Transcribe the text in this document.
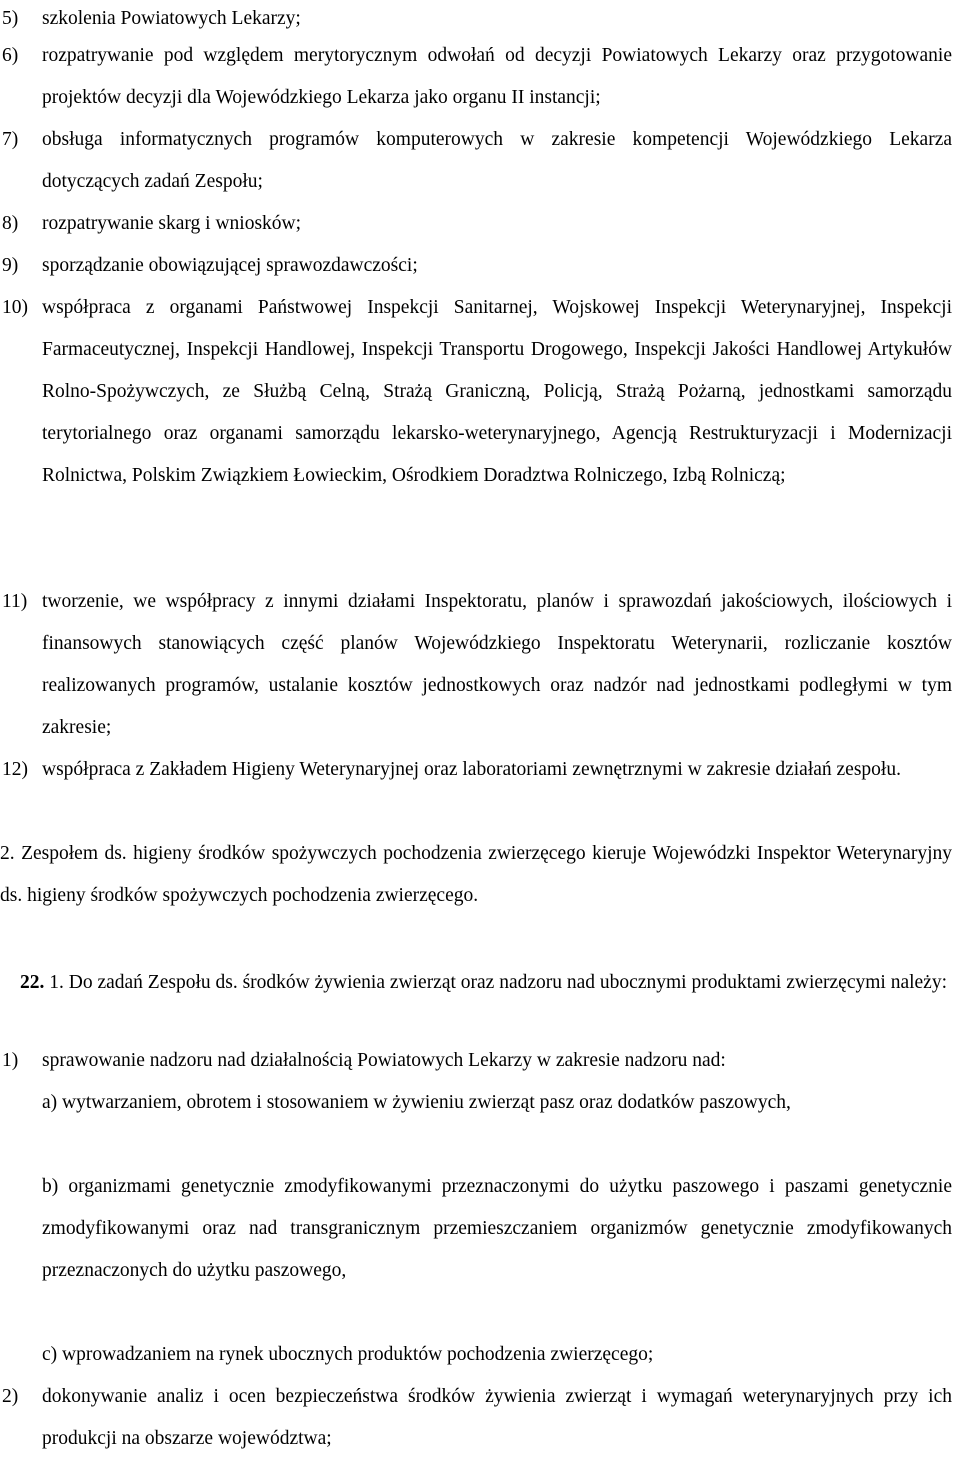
5) szkolenia Powiatowych Lekarzy;

6) rozpatrywanie pod względem merytorycznym odwołań od decyzji Powiatowych Lekarzy oraz przygotowanie projektów decyzji dla Wojewódzkiego Lekarza jako organu II instancji;

7) obsługa informatycznych programów komputerowych w zakresie kompetencji Wojewódzkiego Lekarza dotyczących zadań Zespołu;

8) rozpatrywanie skarg i wniosków;

9) sporządzanie obowiązującej sprawozdawczości;

10) współpraca z organami Państwowej Inspekcji Sanitarnej, Wojskowej Inspekcji Weterynaryjnej, Inspekcji Farmaceutycznej, Inspekcji Handlowej, Inspekcji Transportu Drogowego, Inspekcji Jakości Handlowej Artykułów Rolno-Spożywczych, ze Służbą Celną, Strażą Graniczną, Policją, Strażą Pożarną, jednostkami samorządu terytorialnego oraz organami samorządu lekarsko-weterynaryjnego, Agencją Restrukturyzacji i Modernizacji Rolnictwa, Polskim Związkiem Łowieckim, Ośrodkiem Doradztwa Rolniczego, Izbą Rolniczą;

11) tworzenie, we współpracy z innymi działami Inspektoratu, planów i sprawozdań jakościowych, ilościowych i finansowych stanowiących część planów Wojewódzkiego Inspektoratu Weterynarii, rozliczanie kosztów realizowanych programów, ustalanie kosztów jednostkowych oraz nadzór nad jednostkami podległymi w tym zakresie;

12) współpraca z Zakładem Higieny Weterynaryjnej oraz laboratoriami zewnętrznymi w zakresie działań zespołu.

2. Zespołem ds. higieny środków spożywczych pochodzenia zwierzęcego kieruje Wojewódzki Inspektor Weterynaryjny ds. higieny środków spożywczych pochodzenia zwierzęcego.

22. 1. Do zadań Zespołu ds. środków żywienia zwierząt oraz nadzoru nad ubocznymi produktami zwierzęcymi należy:

1) sprawowanie nadzoru nad działalnością Powiatowych Lekarzy w zakresie nadzoru nad:

a) wytwarzaniem, obrotem i stosowaniem w żywieniu zwierząt pasz oraz dodatków paszowych,

b) organizmami genetycznie zmodyfikowanymi przeznaczonymi do użytku paszowego i paszami genetycznie zmodyfikowanymi oraz nad transgranicznym przemieszczaniem organizmów genetycznie zmodyfikowanych przeznaczonych do użytku paszowego,

c) wprowadzaniem na rynek ubocznych produktów pochodzenia zwierzęcego;

2) dokonywanie analiz i ocen bezpieczeństwa środków żywienia zwierząt i wymagań weterynaryjnych przy ich produkcji na obszarze województwa;
